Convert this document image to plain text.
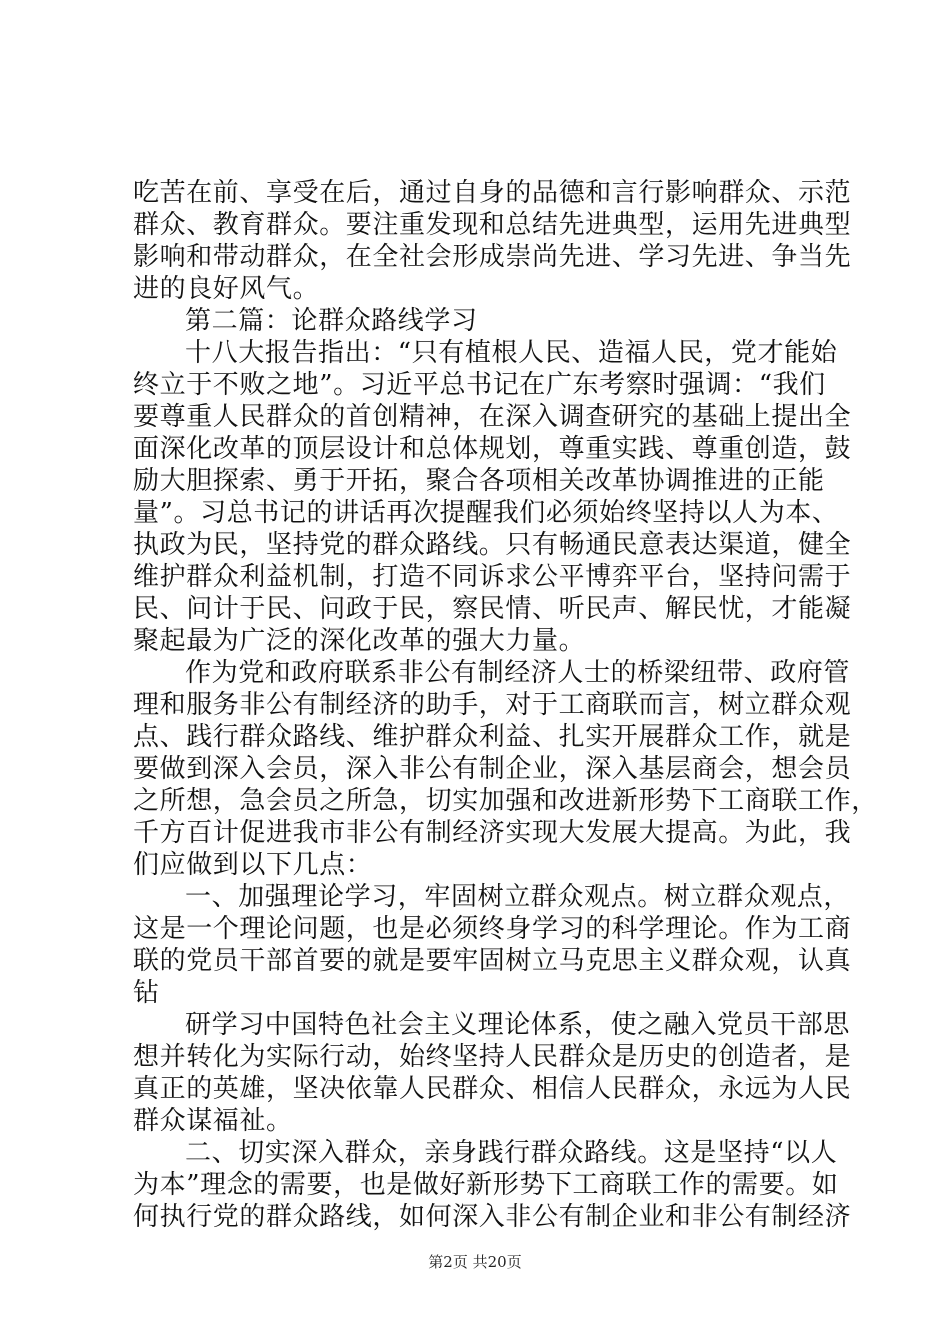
吃苦在前、享受在后，通过自身的品德和言行影响群众、示范
群众、教育群众。要注重发现和总结先进典型，运用先进典型
影响和带动群众，在全社会形成崇尚先进、学习先进、争当先
进的良好风气。
第二篇：论群众路线学习
十八大报告指出：“只有植根人民、造福人民，党才能始
终立于不败之地”。习近平总书记在广东考察时强调：“我们
要尊重人民群众的首创精神，在深入调查研究的基础上提出全
面深化改革的顶层设计和总体规划，尊重实践、尊重创造，鼓
励大胆探索、勇于开拓，聚合各项相关改革协调推进的正能
量”。习总书记的讲话再次提醒我们必须始终坚持以人为本、
执政为民，坚持党的群众路线。只有畅通民意表达渠道，健全
维护群众利益机制，打造不同诉求公平博弈平台，坚持问需于
民、问计于民、问政于民，察民情、听民声、解民忧，才能凝
聚起最为广泛的深化改革的强大力量。
作为党和政府联系非公有制经济人士的桥梁纽带、政府管
理和服务非公有制经济的助手，对于工商联而言，树立群众观
点、践行群众路线、维护群众利益、扎实开展群众工作，就是
要做到深入会员，深入非公有制企业，深入基层商会，想会员
之所想，急会员之所急，切实加强和改进新形势下工商联工作，
千方百计促进我市非公有制经济实现大发展大提高。为此，我
们应做到以下几点：
一、加强理论学习，牢固树立群众观点。树立群众观点，
这是一个理论问题，也是必须终身学习的科学理论。作为工商
联的党员干部首要的就是要牢固树立马克思主义群众观，认真
钻
研学习中国特色社会主义理论体系，使之融入党员干部思
想并转化为实际行动，始终坚持人民群众是历史的创造者，是
真正的英雄，坚决依靠人民群众、相信人民群众，永远为人民
群众谋福祉。
二、切实深入群众，亲身践行群众路线。这是坚持“以人
为本”理念的需要，也是做好新形势下工商联工作的需要。如
何执行党的群众路线，如何深入非公有制企业和非公有制经济
第2页 共20页
